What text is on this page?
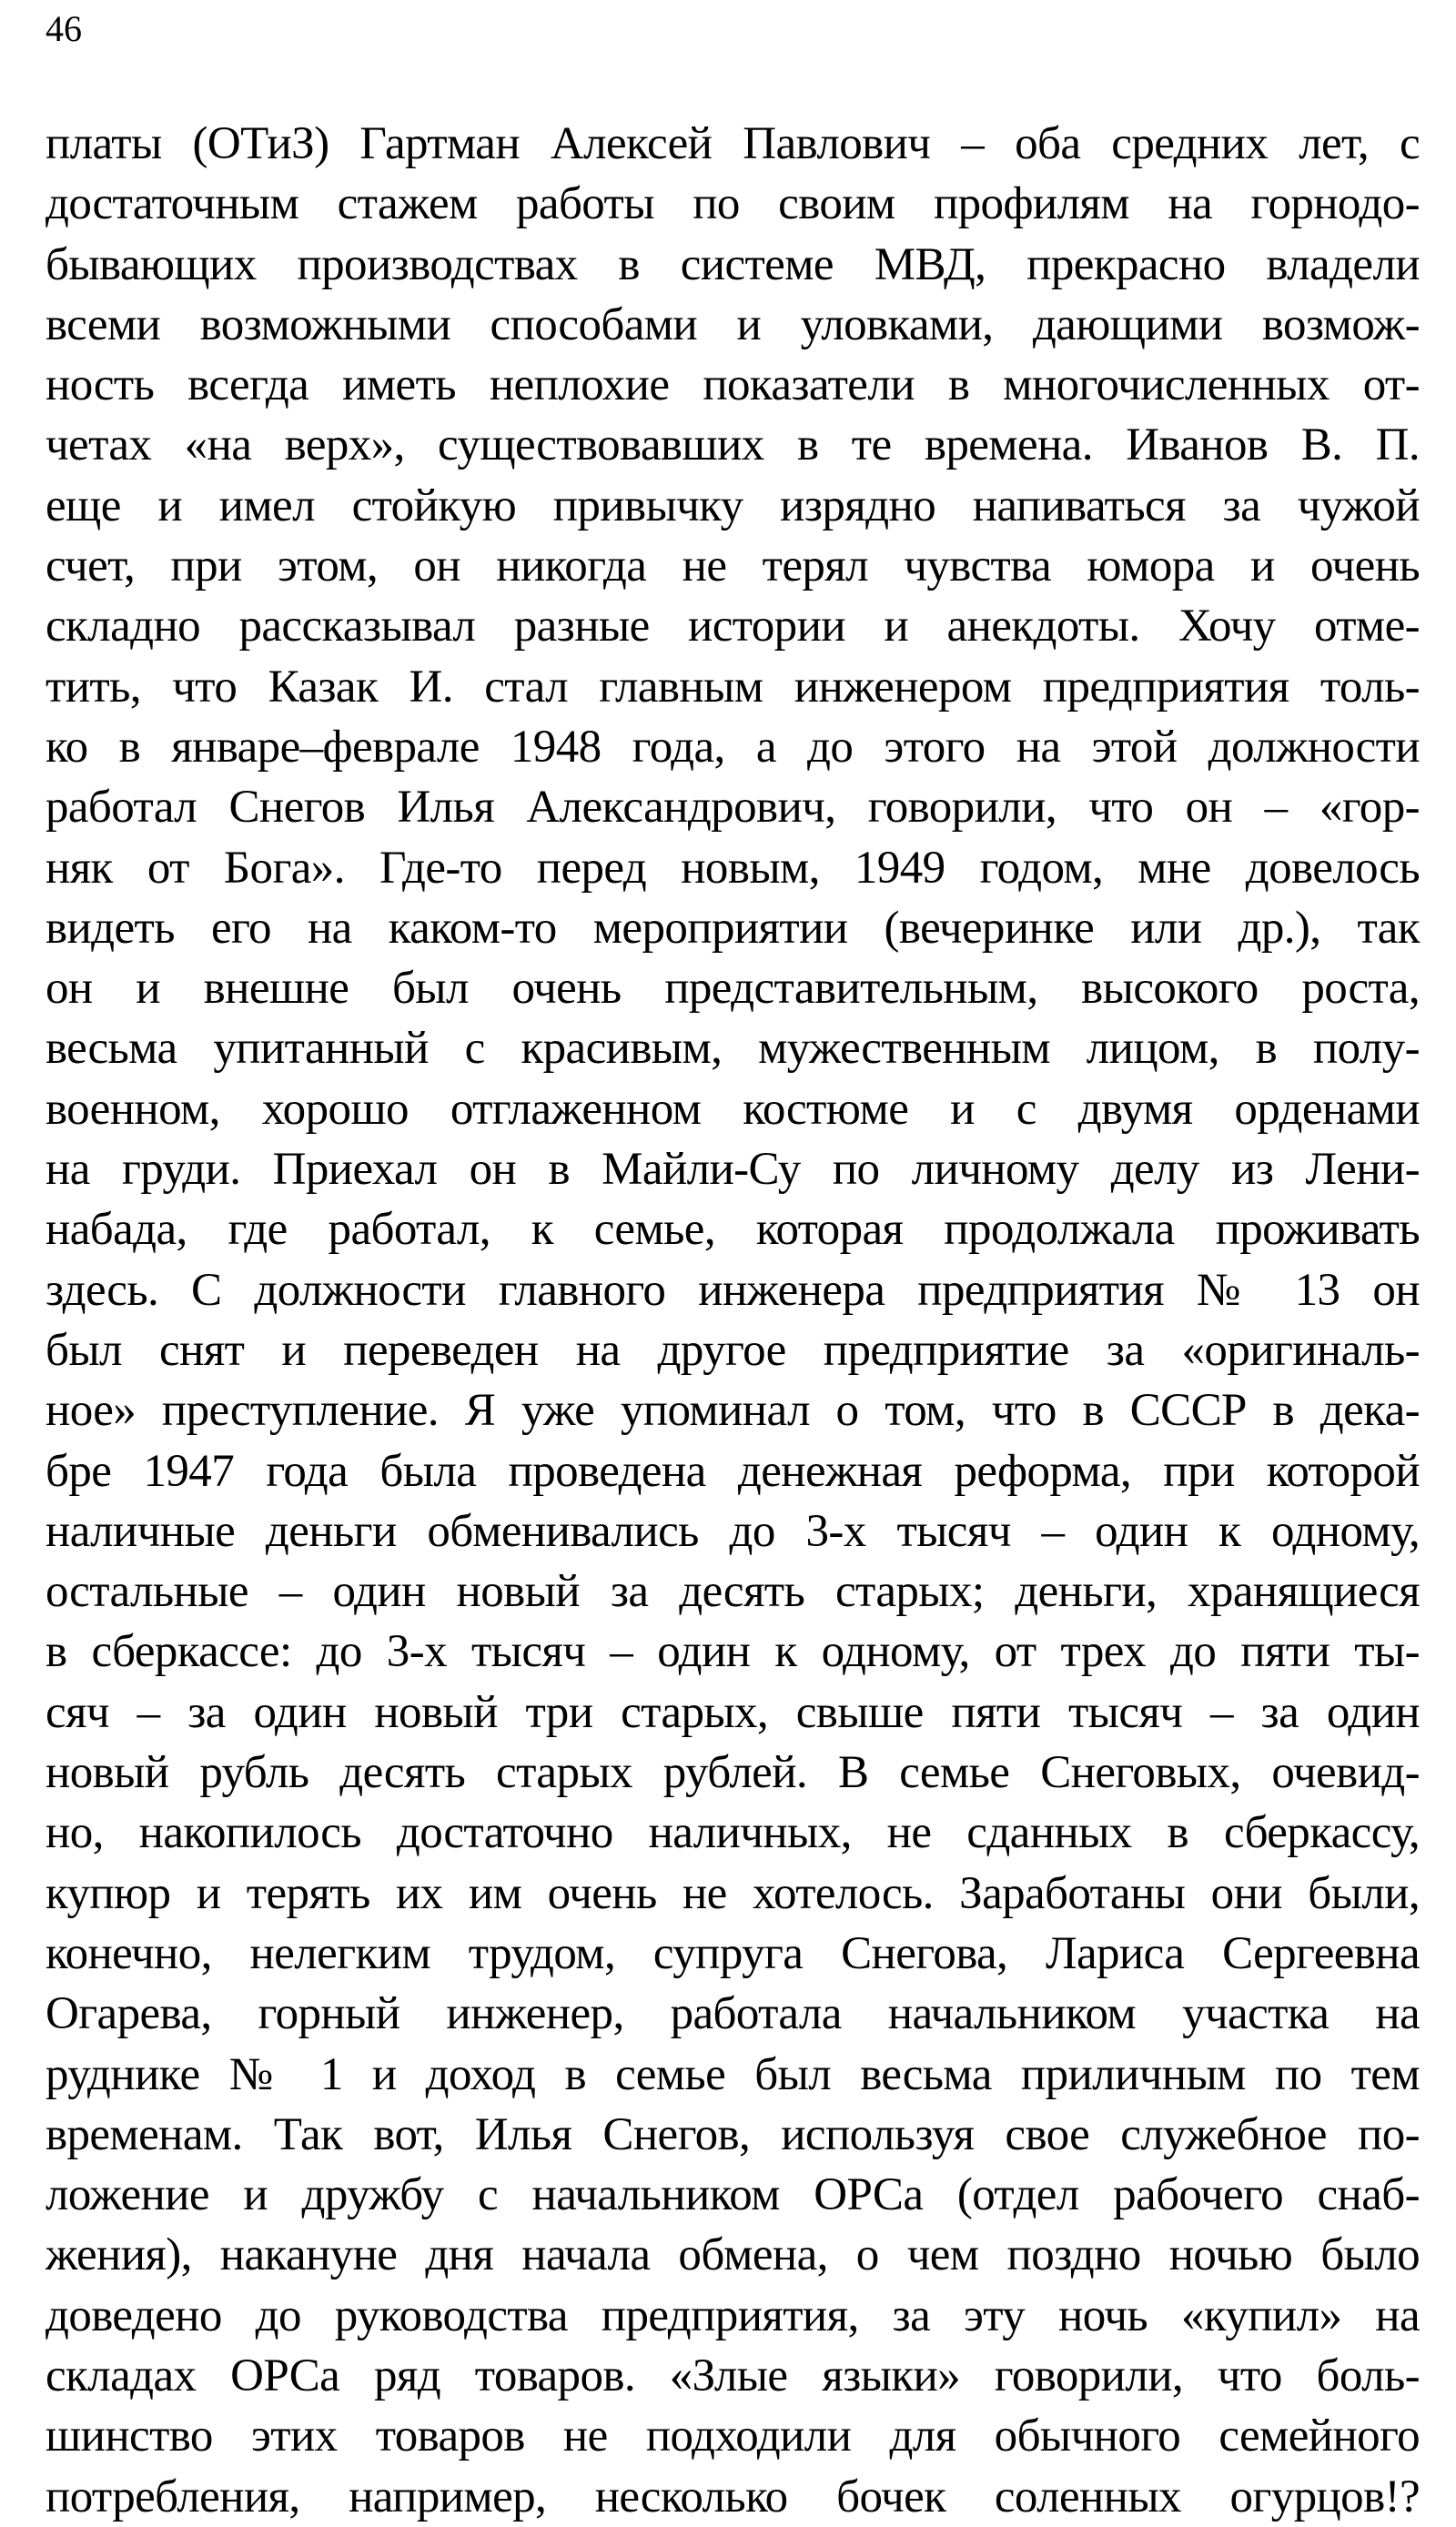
46
платы (ОТиЗ) Гартман Алексей Павлович – оба средних лет, с
достаточным стажем работы по своим профилям на горнодо-
бывающих производствах в системе МВД, прекрасно владели
всеми возможными способами и уловками, дающими возмож-
ность всегда иметь неплохие показатели в многочисленных от-
четах «на верх», существовавших в те времена. Иванов В. П.
еще и имел стойкую привычку изрядно напиваться за чужой
счет, при этом, он никогда не терял чувства юмора и очень
складно рассказывал разные истории и анекдоты. Хочу отме-
тить, что Казак И. стал главным инженером предприятия толь-
ко в январе–феврале 1948 года, а до этого на этой должности
работал Снегов Илья Александрович, говорили, что он – «гор-
няк от Бога». Где-то перед новым, 1949 годом, мне довелось
видеть его на каком-то мероприятии (вечеринке или др.), так
он и внешне был очень представительным, высокого роста,
весьма упитанный с красивым, мужественным лицом, в полу-
военном, хорошо отглаженном костюме и с двумя орденами
на груди. Приехал он в Майли-Су по личному делу из Лени-
набада, где работал, к семье, которая продолжала проживать
здесь. С должности главного инженера предприятия № 13 он
был снят и переведен на другое предприятие за «оригиналь-
ное» преступление. Я уже упоминал о том, что в СССР в дека-
бре 1947 года была проведена денежная реформа, при которой
наличные деньги обменивались до 3-х тысяч – один к одному,
остальные – один новый за десять старых; деньги, хранящиеся
в сберкассе: до 3-х тысяч – один к одному, от трех до пяти ты-
сяч – за один новый три старых, свыше пяти тысяч – за один
новый рубль десять старых рублей. В семье Снеговых, очевид-
но, накопилось достаточно наличных, не сданных в сберкассу,
купюр и терять их им очень не хотелось. Заработаны они были,
конечно, нелегким трудом, супруга Снегова, Лариса Сергеевна
Огарева, горный инженер, работала начальником участка на
руднике № 1 и доход в семье был весьма приличным по тем
временам. Так вот, Илья Снегов, используя свое служебное по-
ложение и дружбу с начальником ОРСа (отдел рабочего снаб-
жения), накануне дня начала обмена, о чем поздно ночью было
доведено до руководства предприятия, за эту ночь «купил» на
складах ОРСа ряд товаров. «Злые языки» говорили, что боль-
шинство этих товаров не подходили для обычного семейного
потребления, например, несколько бочек соленных огурцов!?
